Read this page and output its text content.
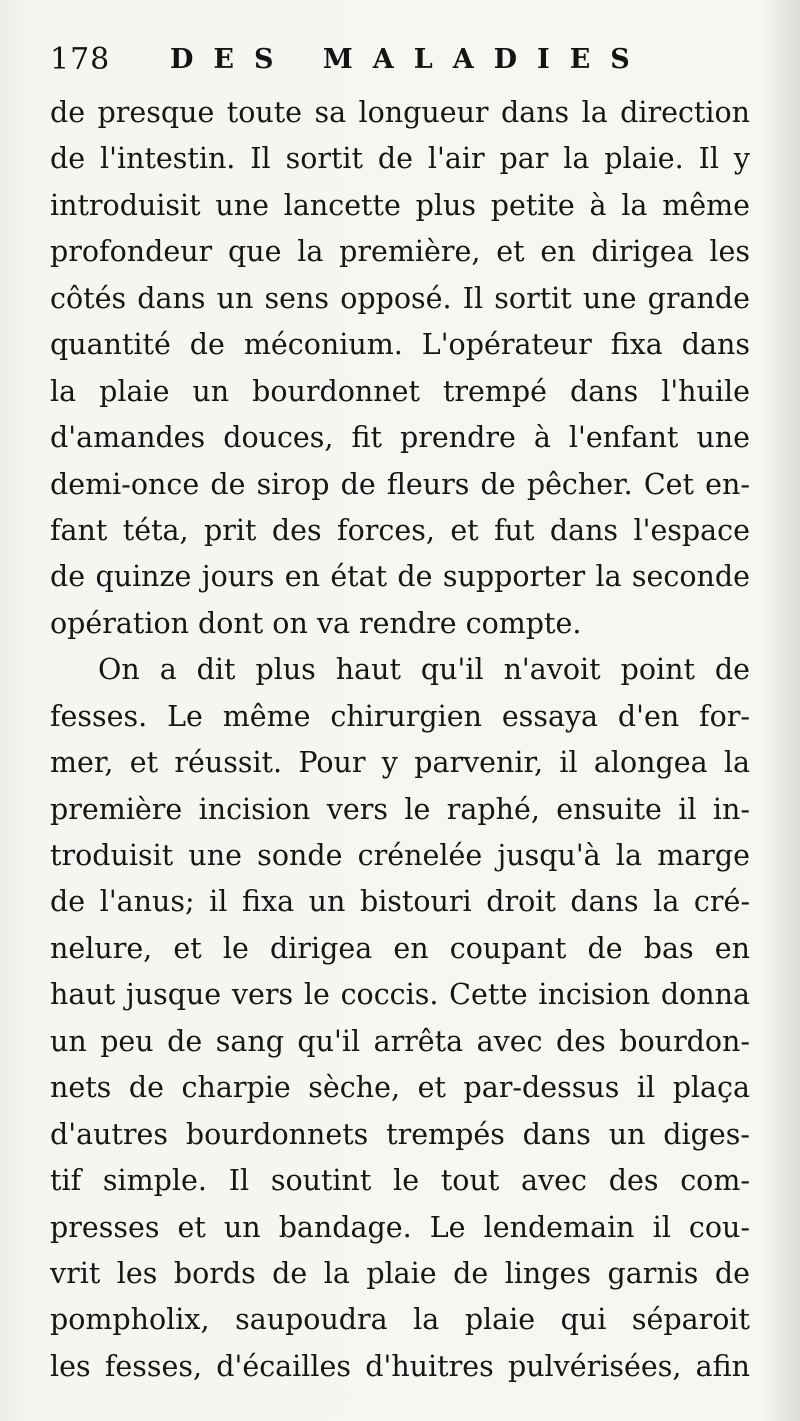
178 DES MALADIES
de presque toute sa longueur dans la direction
de l'intestin. Il sortit de l'air par la plaie. Il y
introduisit une lancette plus petite à la même
profondeur que la première, et en dirigea les
côtés dans un sens opposé. Il sortit une grande
quantité de méconium. L'opérateur fixa dans
la plaie un bourdonnet trempé dans l'huile
d'amandes douces, fit prendre à l'enfant une
demi-once de sirop de fleurs de pêcher. Cet en-
fant téta, prit des forces, et fut dans l'espace
de quinze jours en état de supporter la seconde
opération dont on va rendre compte.
On a dit plus haut qu'il n'avoit point de
fesses. Le même chirurgien essaya d'en for-
mer, et réussit. Pour y parvenir, il alongea la
première incision vers le raphé, ensuite il in-
troduisit une sonde crénelée jusqu'à la marge
de l'anus; il fixa un bistouri droit dans la cré-
nelure, et le dirigea en coupant de bas en
haut jusque vers le coccis. Cette incision donna
un peu de sang qu'il arrêta avec des bourdon-
nets de charpie sèche, et par-dessus il plaça
d'autres bourdonnets trempés dans un diges-
tif simple. Il soutint le tout avec des com-
presses et un bandage. Le lendemain il cou-
vrit les bords de la plaie de linges garnis de
pompholix, saupoudra la plaie qui séparoit
les fesses, d'écailles d'huitres pulvérisées, afin
